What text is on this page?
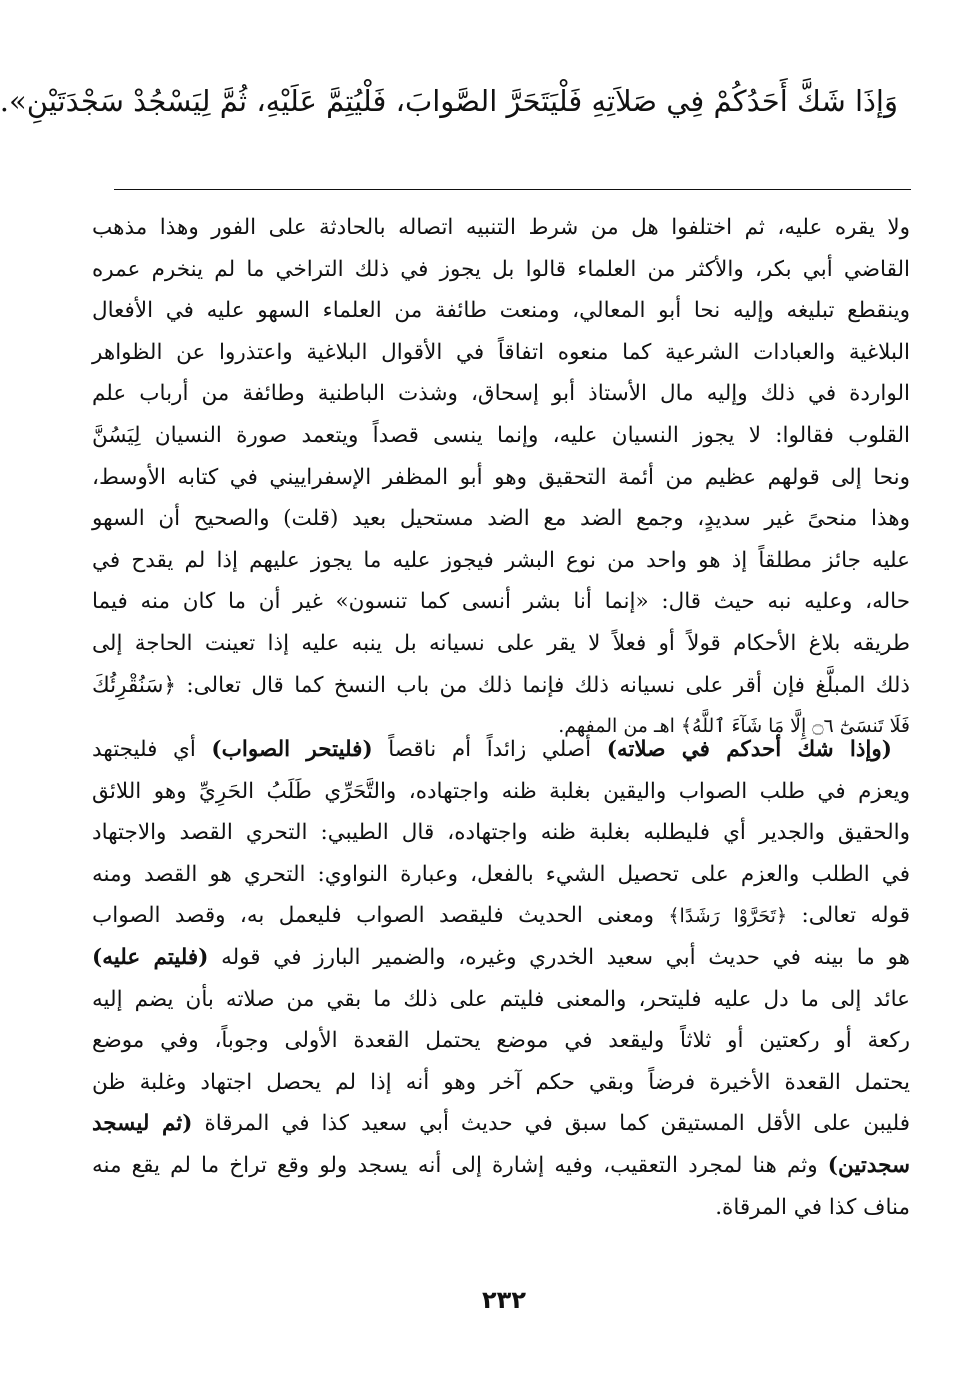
وَإذَا شَكَّ أَحَدُكُمْ فِي صَلاَتِهِ فَلْيَتَحَرَّ الصَّوابَ، فَلْيُتِمَّ عَلَيْهِ، ثُمَّ لِيَسْجُدْ سَجْدَتَيْنِ».
ولا يقره عليه، ثم اختلفوا هل من شرط التنبيه اتصاله بالحادثة على الفور وهذا مذهب
القاضي أبي بكر، والأكثر من العلماء قالوا بل يجوز في ذلك التراخي ما لم ينخرم عمره
وينقطع تبليغه وإليه نحا أبو المعالي، ومنعت طائفة من العلماء السهو عليه في الأفعال
البلاغية والعبادات الشرعية كما منعوه اتفاقاً في الأقوال البلاغية واعتذروا عن الظواهر
الواردة في ذلك وإليه مال الأستاذ أبو إسحاق، وشذت الباطنية وطائفة من أرباب علم
القلوب فقالوا: لا يجوز النسيان عليه، وإنما ينسى قصداً ويتعمد صورة النسيان لِيَسُنَّ
ونحا إلى قولهم عظيم من أئمة التحقيق وهو أبو المظفر الإسفراييني في كتابه الأوسط،
وهذا منحىً غير سديدٍ، وجمع الضد مع الضد مستحيل بعيد (قلت) والصحيح أن السهو
عليه جائز مطلقاً إذ هو واحد من نوع البشر فيجوز عليه ما يجوز عليهم إذا لم يقدح في
حاله، وعليه نبه حيث قال: «إنما أنا بشر أنسى كما تنسون» غير أن ما كان منه فيما
طريقه بلاغ الأحكام قولاً أو فعلاً لا يقر على نسيانه بل ينبه عليه إذا تعينت الحاجة إلى
ذلك المبلَّغ فإن أقر على نسيانه ذلك فإنما ذلك من باب النسخ كما قال تعالى: ﴿سَنُقْرِئُكَ
فَلَا تَنسَىٰٓ ۝٦ إِلَّا مَا شَآءَ ٱللَّهُ﴾ اهـ من المفهم.
(وإذا شك أحدكم في صلاته) أصلي زائداً أم ناقصاً (فليتحر الصواب) أي فليجتهد
ويعزم في طلب الصواب واليقين بغلبة ظنه واجتهاده، والتَّحَرِّي طَلَبُ الحَرِيِّ وهو اللائق
والحقيق والجدير أي فليطلبه بغلبة ظنه واجتهاده، قال الطيبي: التحري القصد والاجتهاد
في الطلب والعزم على تحصيل الشيء بالفعل، وعبارة النواوي: التحري هو القصد ومنه
قوله تعالى: ﴿تَحَرَّوْا رَشَدًا﴾ ومعنى الحديث فليقصد الصواب فليعمل به، وقصد الصواب
هو ما بينه في حديث أبي سعيد الخدري وغيره، والضمير البارز في قوله (فليتم عليه)
عائد إلى ما دل عليه فليتحر، والمعنى فليتم على ذلك ما بقي من صلاته بأن يضم إليه
ركعة أو ركعتين أو ثلاثاً وليقعد في موضع يحتمل القعدة الأولى وجوباً، وفي موضع
يحتمل القعدة الأخيرة فرضاً وبقي حكم آخر وهو أنه إذا لم يحصل اجتهاد وغلبة ظن
فليبن على الأقل المستيقن كما سبق في حديث أبي سعيد كذا في المرقاة (ثم ليسجد
سجدتين) وثم هنا لمجرد التعقيب، وفيه إشارة إلى أنه يسجد ولو وقع تراخ ما لم يقع منه
مناف كذا في المرقاة.
٢٣٢
